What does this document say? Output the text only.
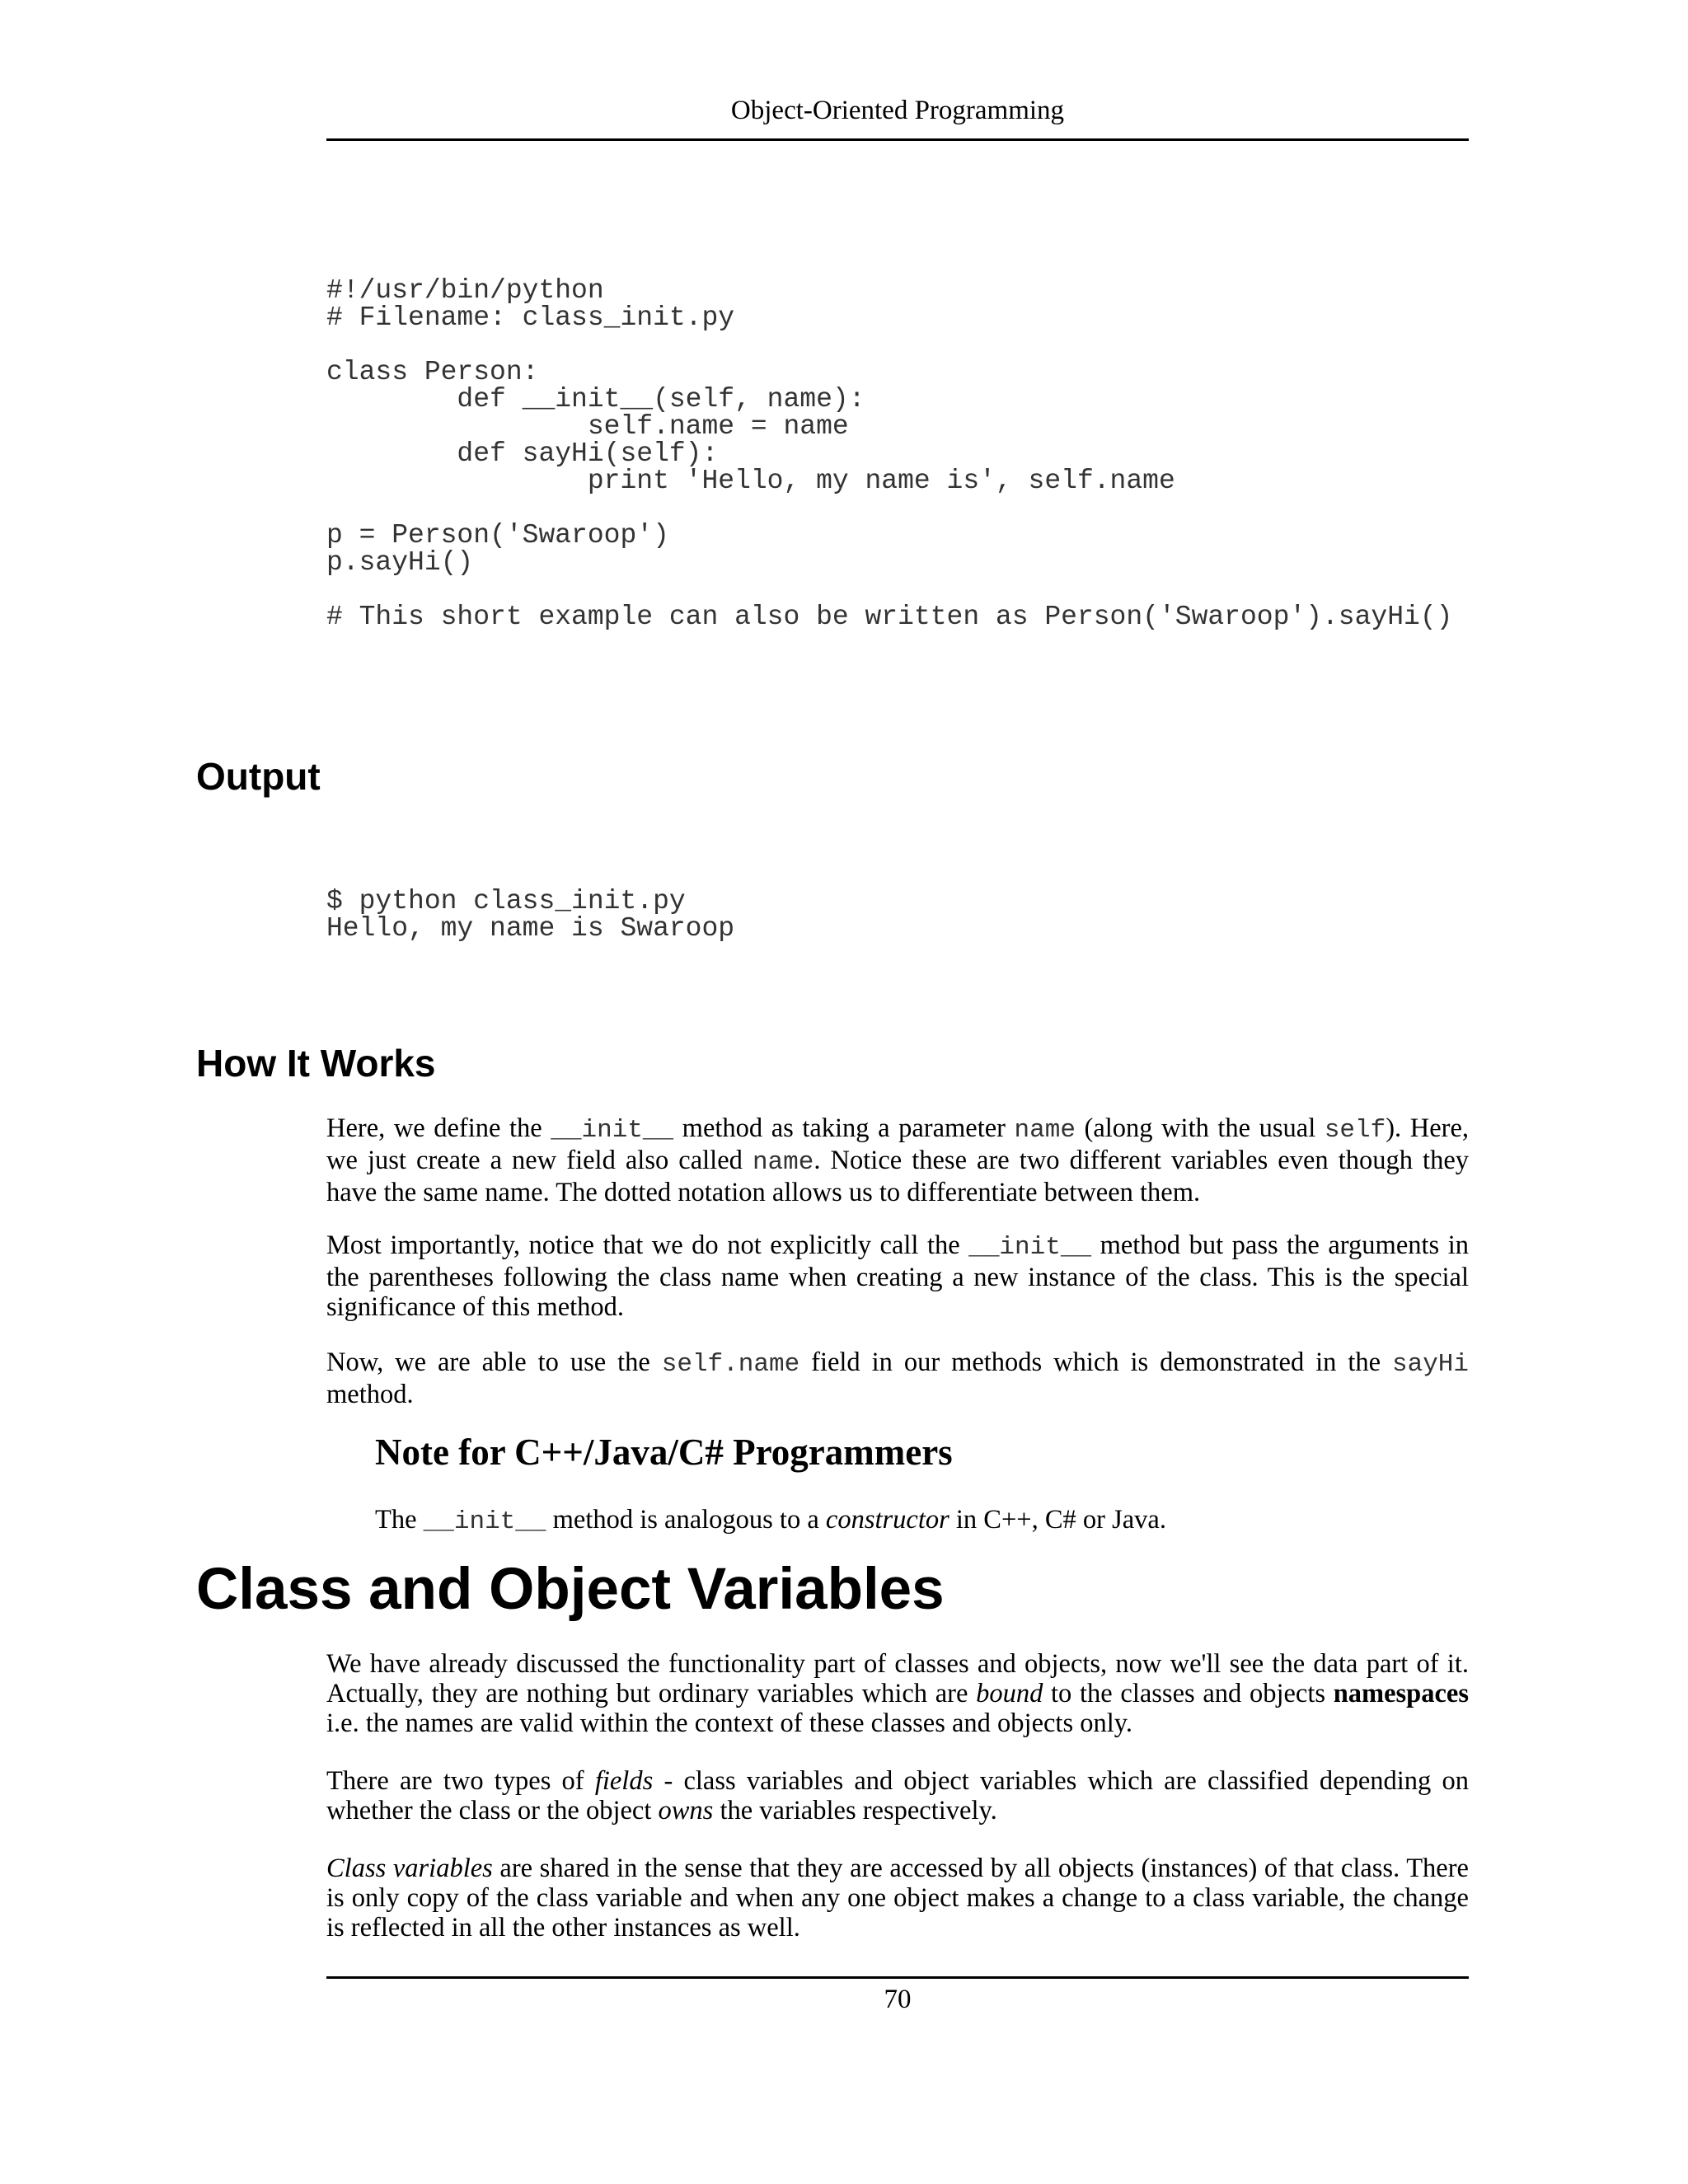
Object-Oriented Programming
#!/usr/bin/python
# Filename: class_init.py

class Person:
def __init__(self, name):
self.name = name
def sayHi(self):
print 'Hello, my name is', self.name

p = Person('Swaroop')
p.sayHi()

# This short example can also be written as Person('Swaroop').sayHi()
Output
$ python class_init.py
Hello, my name is Swaroop
How It Works

Here, we define the __init__ method as taking a parameter name (along with the usual self). Here, we just create a new field also called name. Notice these are two different variables even though they have the same name. The dotted notation allows us to differentiate between them.

Most importantly, notice that we do not explicitly call the __init__ method but pass the arguments in the parentheses following the class name when creating a new instance of the class. This is the special significance of this method.

Now, we are able to use the self.name field in our methods which is demonstrated in the sayHi method.

Note for C++/Java/C# Programmers

The __init__ method is analogous to a constructor in C++, C# or Java.

Class and Object Variables

We have already discussed the functionality part of classes and objects, now we'll see the data part of it. Actually, they are nothing but ordinary variables which are bound to the classes and objects namespaces i.e. the names are valid within the context of these classes and objects only.

There are two types of fields - class variables and object variables which are classified depending on whether the class or the object owns the variables respectively.

Class variables are shared in the sense that they are accessed by all objects (instances) of that class. There is only copy of the class variable and when any one object makes a change to a class variable, the change is reflected in all the other instances as well.

70
